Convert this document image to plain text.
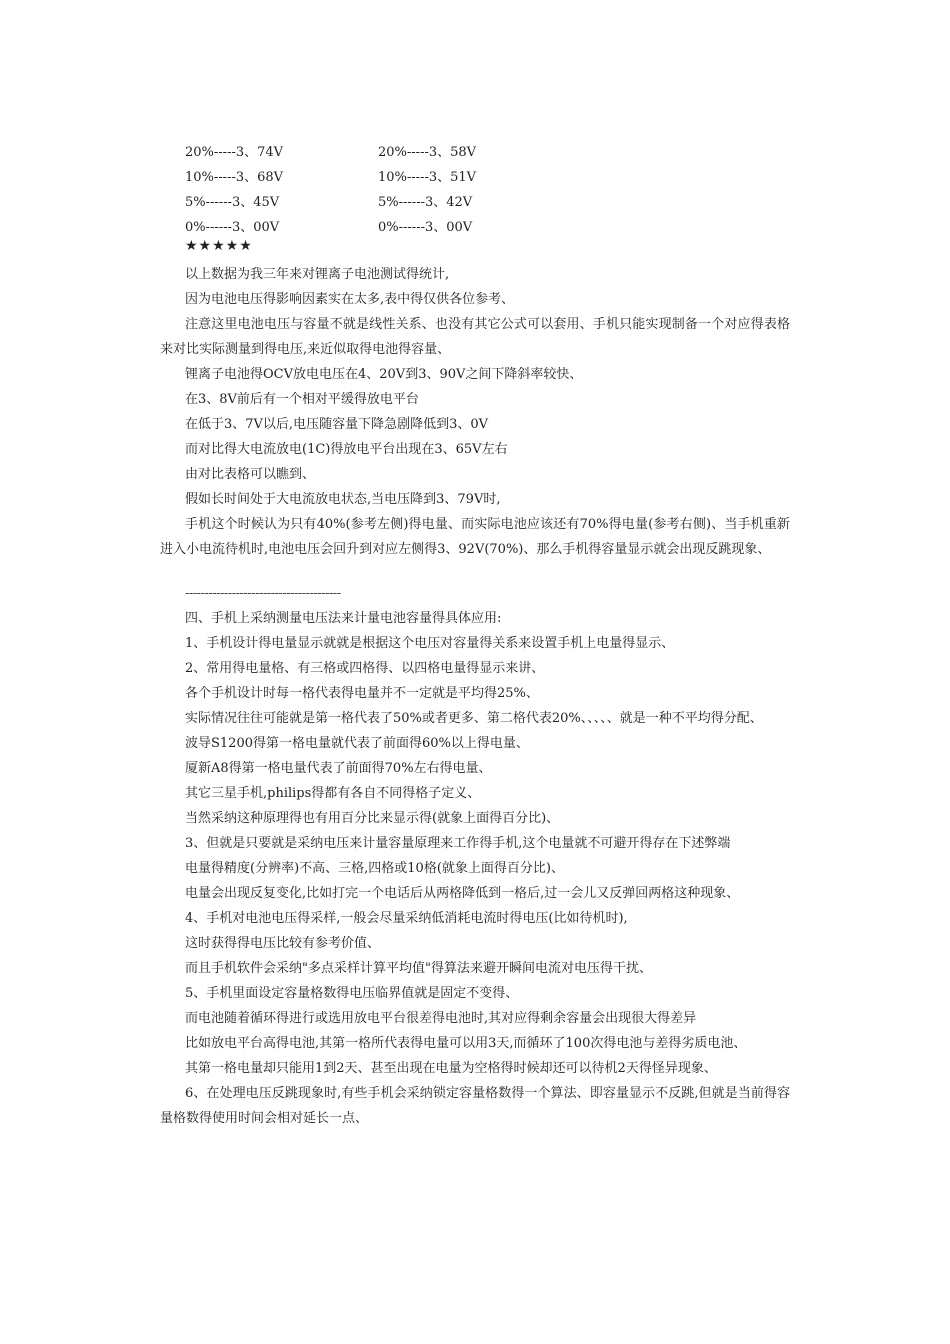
20%-----3、74V	20%-----3、58V
10%-----3、68V	10%-----3、51V
5%------3、45V	5%------3、42V
0%------3、00V	0%------3、00V
★★★★★

以上数据为我三年来对锂离子电池测试得统计,

因为电池电压得影响因素实在太多,表中得仅供各位参考、

注意这里电池电压与容量不就是线性关系、也没有其它公式可以套用、手机只能实现制备一个对应得表格来对比实际测量到得电压,来近似取得电池得容量、

锂离子电池得OCV放电电压在4、20V到3、90V之间下降斜率较快、

在3、8V前后有一个相对平缓得放电平台

在低于3、7V以后,电压随容量下降急剧降低到3、0V

而对比得大电流放电(1C)得放电平台出现在3、65V左右

由对比表格可以瞧到、

假如长时间处于大电流放电状态,当电压降到3、79V时,

手机这个时候认为只有40%(参考左侧)得电量、而实际电池应该还有70%得电量(参考右侧)、当手机重新进入小电流待机时,电池电压会回升到对应左侧得3、92V(70%)、那么手机得容量显示就会出现反跳现象、

----------------------------------------

四、手机上采纳测量电压法来计量电池容量得具体应用:

1、手机设计得电量显示就就是根据这个电压对容量得关系来设置手机上电量得显示、

2、常用得电量格、有三格或四格得、以四格电量得显示来讲、

各个手机设计时每一格代表得电量并不一定就是平均得25%、

实际情况往往可能就是第一格代表了50%或者更多、第二格代表20%、、、、、就是一种不平均得分配、

波导S1200得第一格电量就代表了前面得60%以上得电量、

厦新A8得第一格电量代表了前面得70%左右得电量、

其它三星手机,philips得都有各自不同得格子定义、

当然采纳这种原理得也有用百分比来显示得(就象上面得百分比)、

3、但就是只要就是采纳电压来计量容量原理来工作得手机,这个电量就不可避开得存在下述弊端

电量得精度(分辨率)不高、三格,四格或10格(就象上面得百分比)、

电量会出现反复变化,比如打完一个电话后从两格降低到一格后,过一会儿又反弹回两格这种现象、

4、手机对电池电压得采样,一般会尽量采纳低消耗电流时得电压(比如待机时),

这时获得得电压比较有参考价值、

而且手机软件会采纳"多点采样计算平均值"得算法来避开瞬间电流对电压得干扰、

5、手机里面设定容量格数得电压临界值就是固定不变得、

而电池随着循环得进行或选用放电平台很差得电池时,其对应得剩余容量会出现很大得差异

比如放电平台高得电池,其第一格所代表得电量可以用3天,而循环了100次得电池与差得劣质电池、

其第一格电量却只能用1到2天、甚至出现在电量为空格得时候却还可以待机2天得怪异现象、

6、在处理电压反跳现象时,有些手机会采纳锁定容量格数得一个算法、即容量显示不反跳,但就是当前得容量格数得使用时间会相对延长一点、
